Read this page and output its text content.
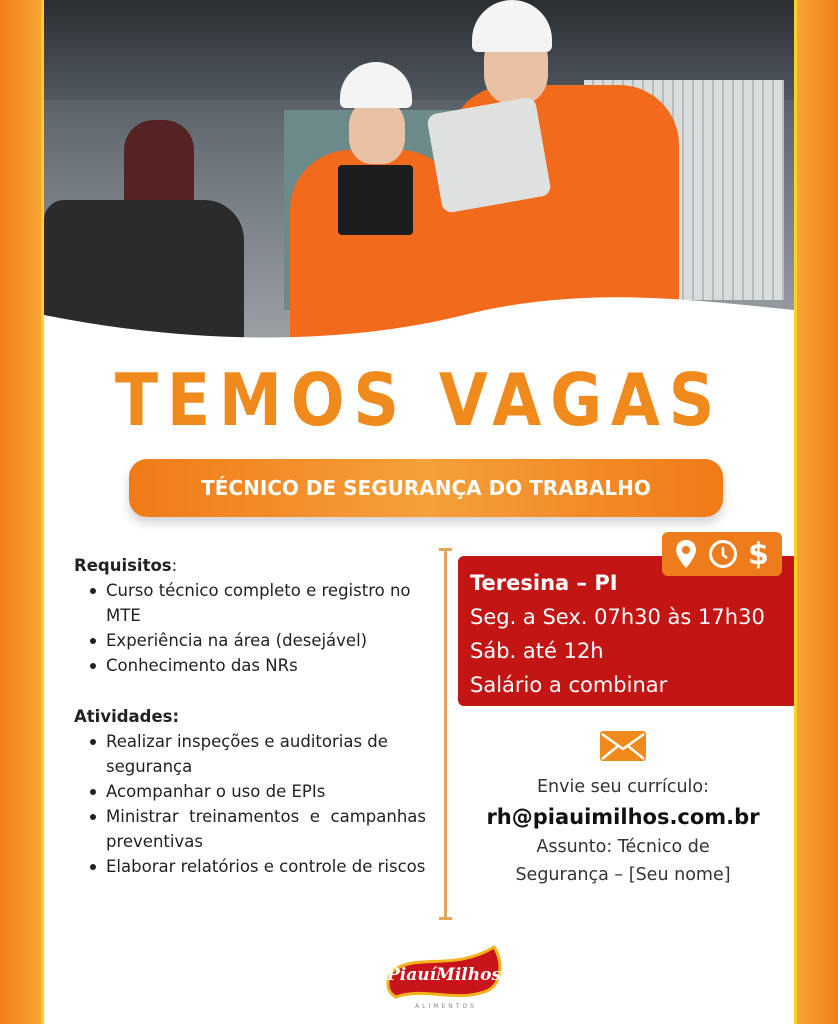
TEMOS VAGAS
TÉCNICO DE SEGURANÇA DO TRABALHO
Requisitos:
Curso técnico completo e registro no MTE
Experiência na área (desejável)
Conhecimento das NRs
Atividades:
Realizar inspeções e auditorias de segurança
Acompanhar o uso de EPIs
Ministrar treinamentos e campanhas preventivas
Elaborar relatórios e controle de riscos
Teresina – PI
Seg. a Sex. 07h30 às 17h30
Sáb. até 12h
Salário a combinar
$
Envie seu currículo:
rh@piauimilhos.com.br
Assunto: Técnico de
Segurança – [Seu nome]
PiauíMilhos
ALIMENTOS
